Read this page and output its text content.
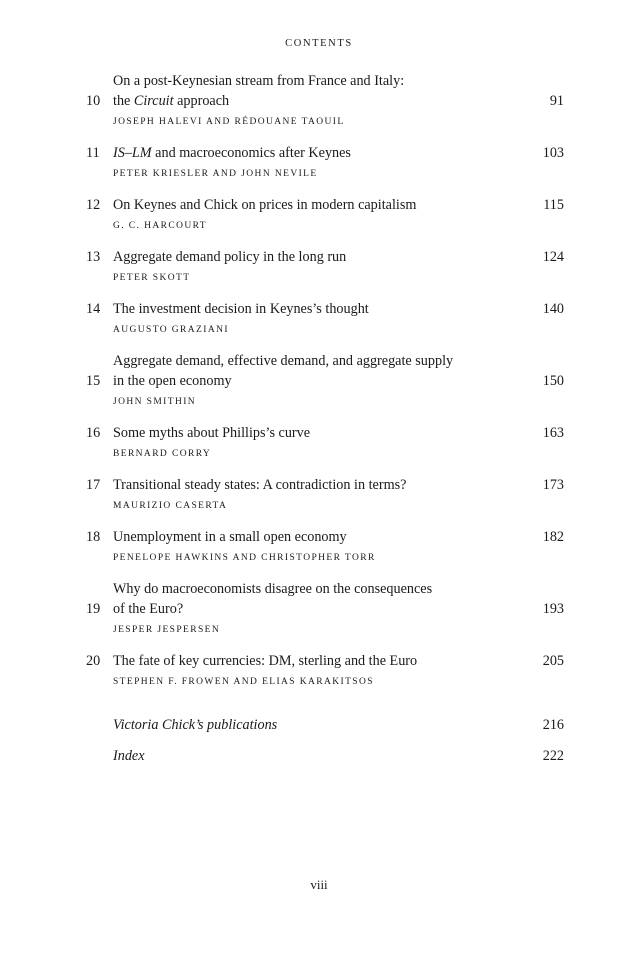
CONTENTS
10
On a post-Keynesian stream from France and Italy:
the Circuit approach	91
JOSEPH HALEVI AND RÉDOUANE TAOUIL
11 IS–LM and macroeconomics after Keynes	103
PETER KRIESLER AND JOHN NEVILE
12 On Keynes and Chick on prices in modern capitalism	115
G. C. HARCOURT
13 Aggregate demand policy in the long run	124
PETER SKOTT
14 The investment decision in Keynes’s thought	140
AUGUSTO GRAZIANI
15
Aggregate demand, effective demand, and aggregate supply
in the open economy	150
JOHN SMITHIN
16 Some myths about Phillips’s curve	163
BERNARD CORRY
17 Transitional steady states: A contradiction in terms?	173
MAURIZIO CASERTA
18 Unemployment in a small open economy	182
PENELOPE HAWKINS AND CHRISTOPHER TORR
19
Why do macroeconomists disagree on the consequences
of the Euro?	193
JESPER JESPERSEN
20 The fate of key currencies: DM, sterling and the Euro	205
STEPHEN F. FROWEN AND ELIAS KARAKITSOS
Victoria Chick’s publications	216
Index	222
viii
